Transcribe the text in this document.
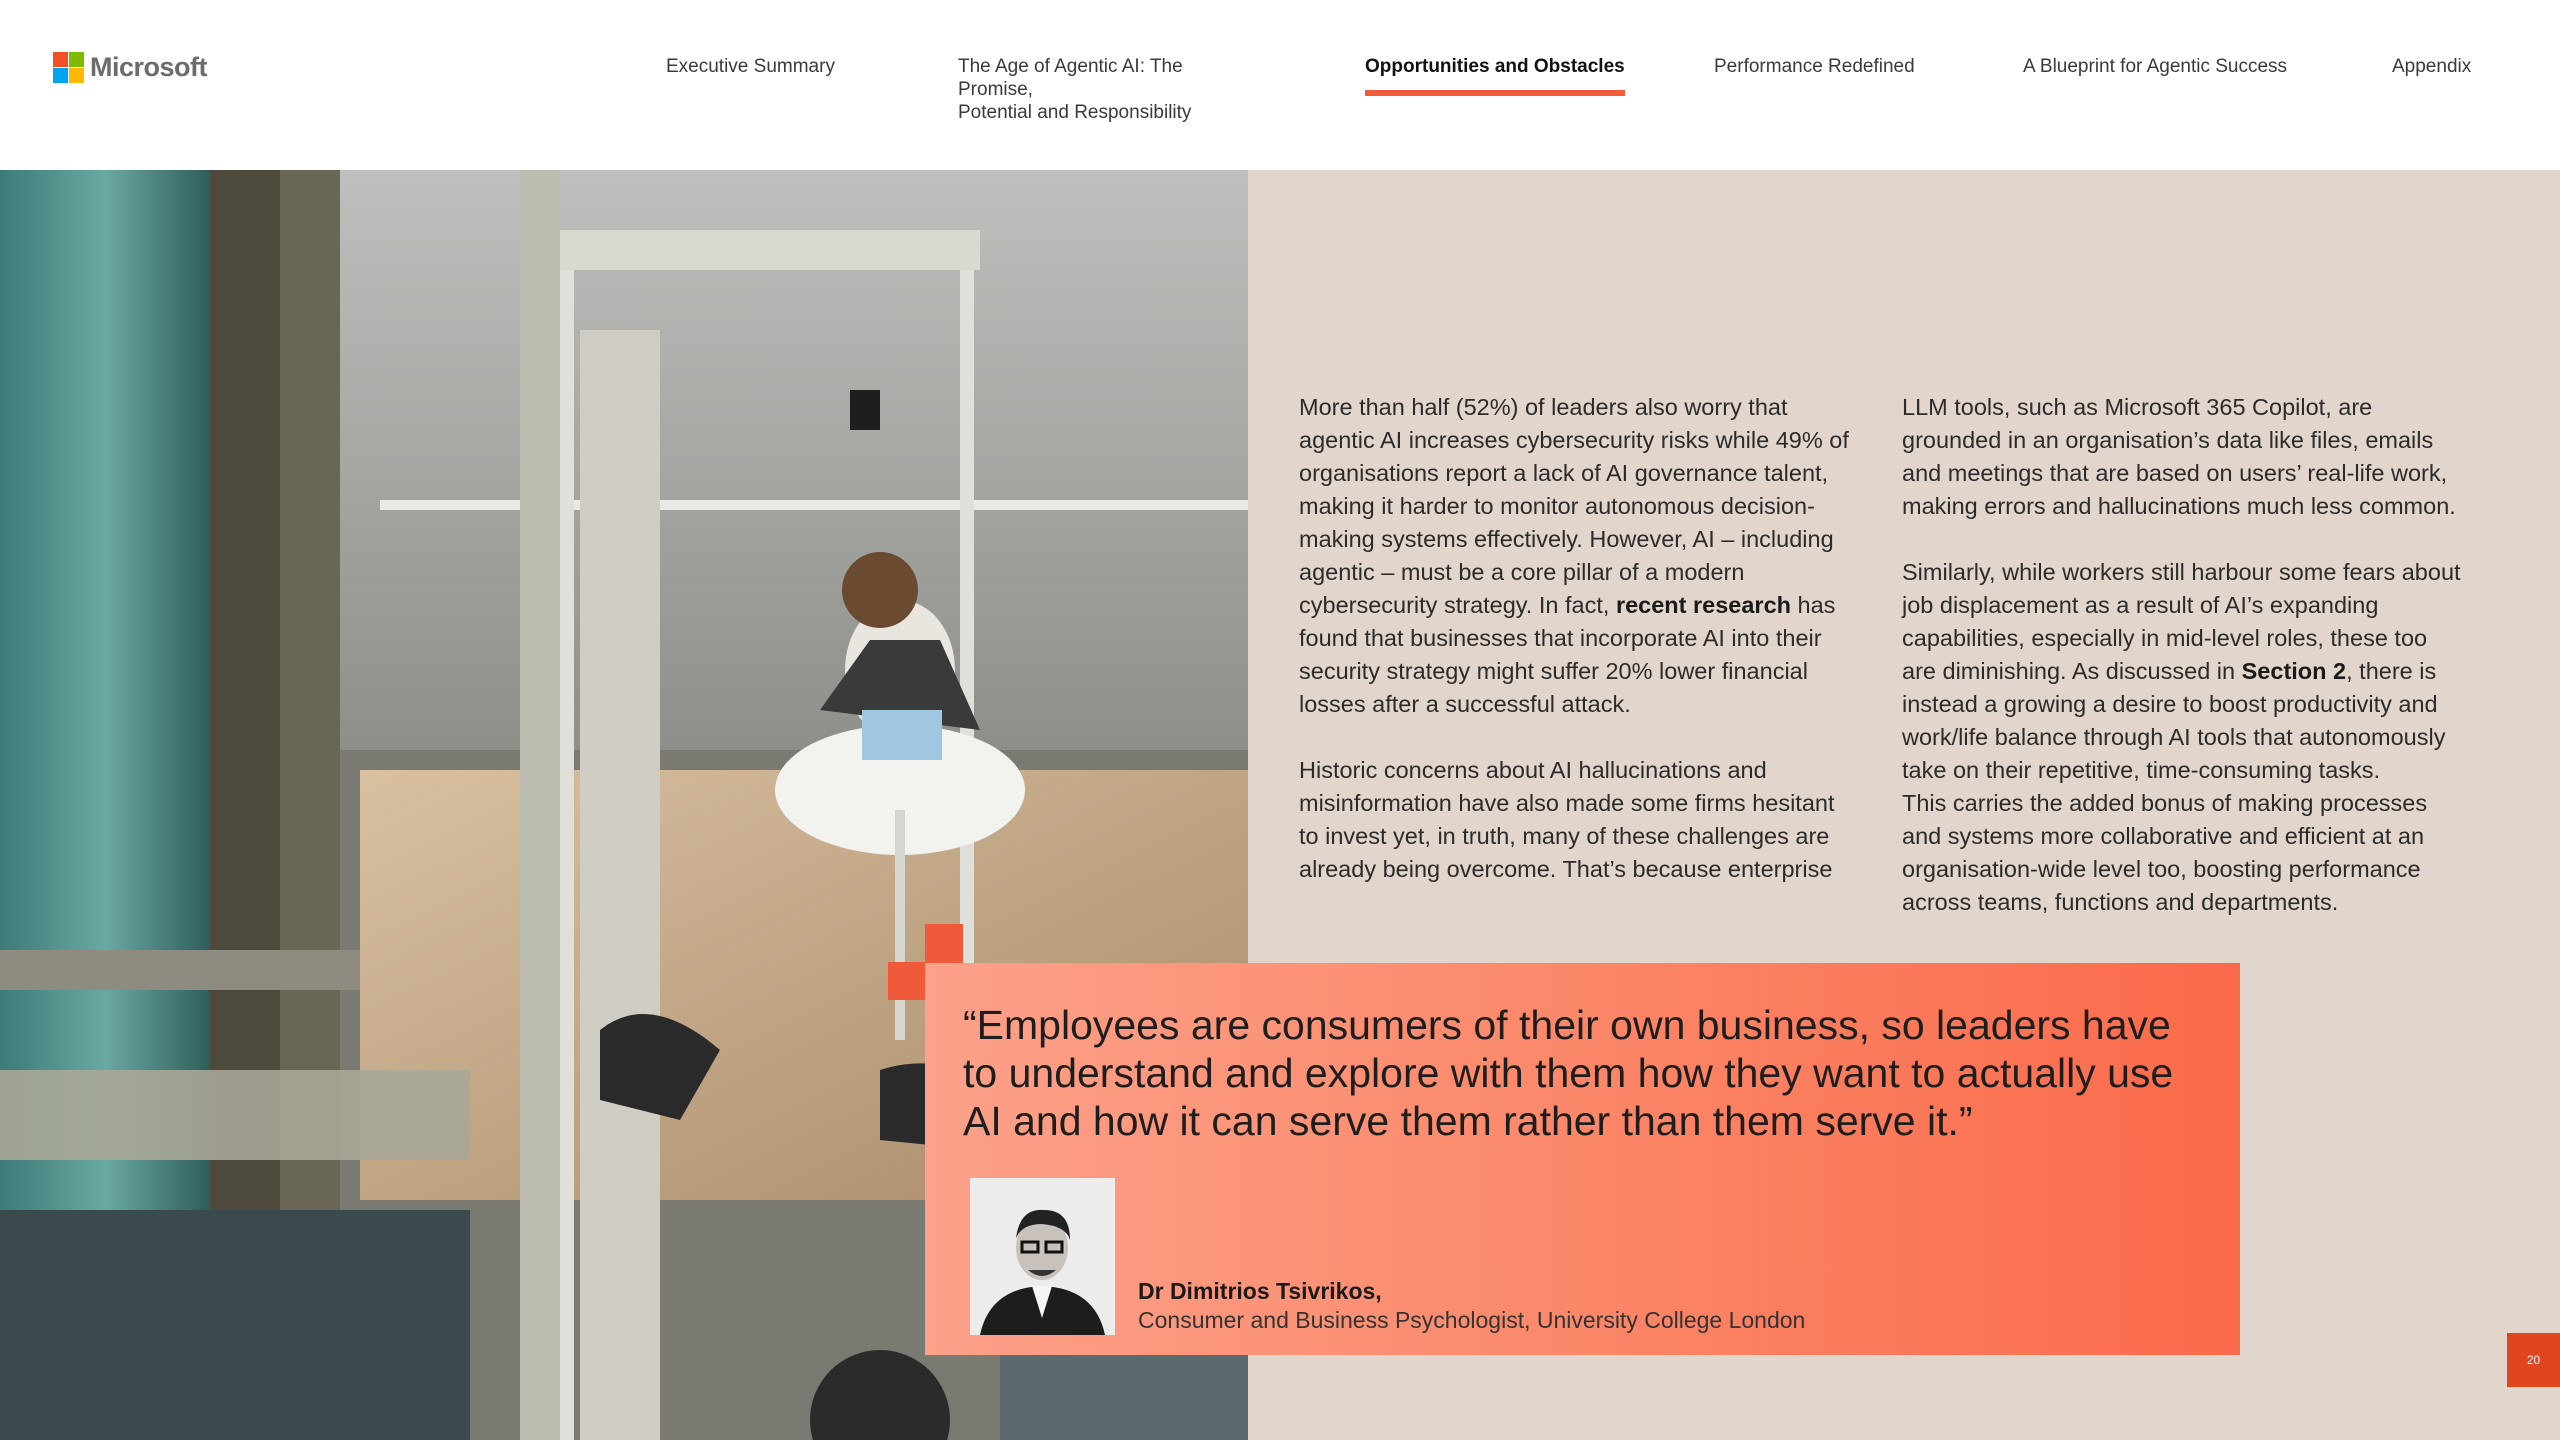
Microsoft	Executive Summary	The Age of Agentic AI: The Promise,
Potential and Responsibility
Opportunities and Obstacles	Performance Redefined	A Blueprint for Agentic Success	Appendix

More than half (52%) of leaders also worry that agentic AI increases cybersecurity risks while 49% of organisations report a lack of AI governance talent, making it harder to monitor autonomous decision-making systems effectively. However, AI – including agentic – must be a core pillar of a modern cybersecurity strategy. In fact, recent research has found that businesses that incorporate AI into their security strategy might suffer 20% lower financial losses after a successful attack.

Historic concerns about AI hallucinations and misinformation have also made some firms hesitant to invest yet, in truth, many of these challenges are already being overcome. That’s because enterprise

LLM tools, such as Microsoft 365 Copilot, are grounded in an organisation’s data like files, emails and meetings that are based on users’ real-life work, making errors and hallucinations much less common.

Similarly, while workers still harbour some fears about job displacement as a result of AI’s expanding capabilities, especially in mid-level roles, these too are diminishing. As discussed in Section 2, there is instead a growing a desire to boost productivity and work/life balance through AI tools that autonomously take on their repetitive, time-consuming tasks.

This carries the added bonus of making processes and systems more collaborative and efficient at an organisation-wide level too, boosting performance across teams, functions and departments.

“Employees are consumers of their own business, so leaders have to understand and explore with them how they want to actually use AI and how it can serve them rather than them serve it.”
Dr Dimitrios Tsivrikos,
Consumer and Business Psychologist, University College London
20
